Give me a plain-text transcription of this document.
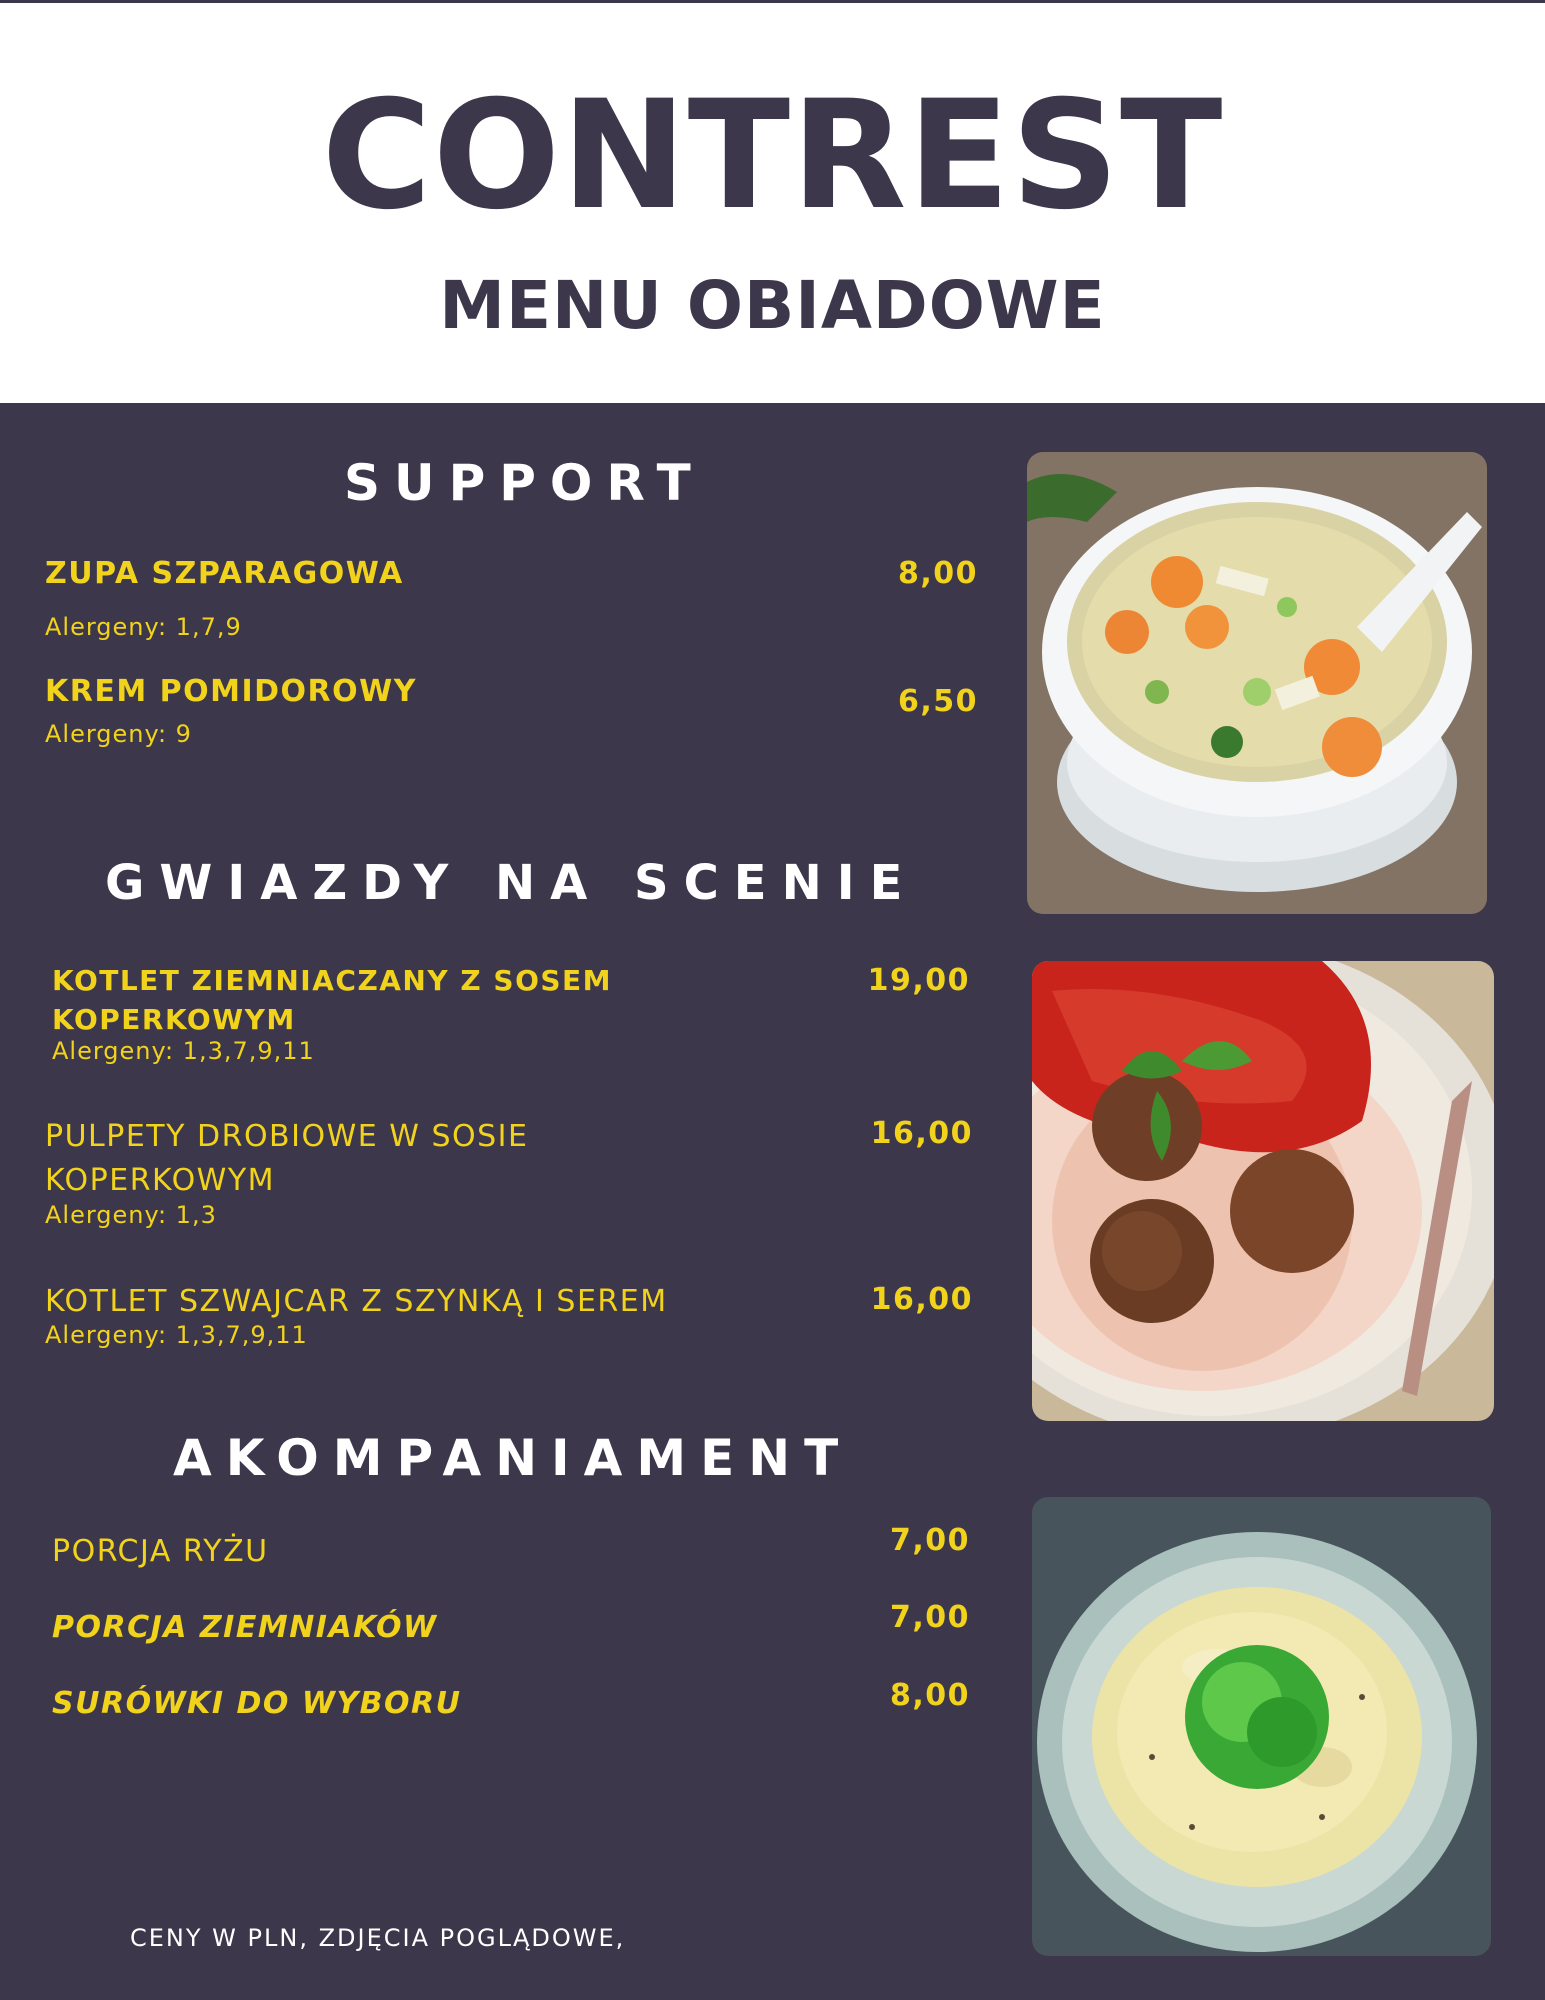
CONTREST
MENU OBIADOWE
SUPPORT
ZUPA SZPARAGOWA	8,00
Alergeny: 1,7,9
KREM POMIDOROWY	6,50
Alergeny: 9
GWIAZDY NA SCENIE
KOTLET ZIEMNIACZANY Z SOSEM
KOPERKOWYM
19,00
Alergeny: 1,3,7,9,11
PULPETY DROBIOWE W SOSIE
KOPERKOWYM
16,00
Alergeny: 1,3
KOTLET SZWAJCAR Z SZYNKĄ I SEREM	16,00
Alergeny: 1,3,7,9,11
AKOMPANIAMENT
PORCJA RYŻU	7,00
PORCJA ZIEMNIAKÓW	7,00
SURÓWKI DO WYBORU	8,00
CENY W PLN, ZDJĘCIA POGLĄDOWE,
